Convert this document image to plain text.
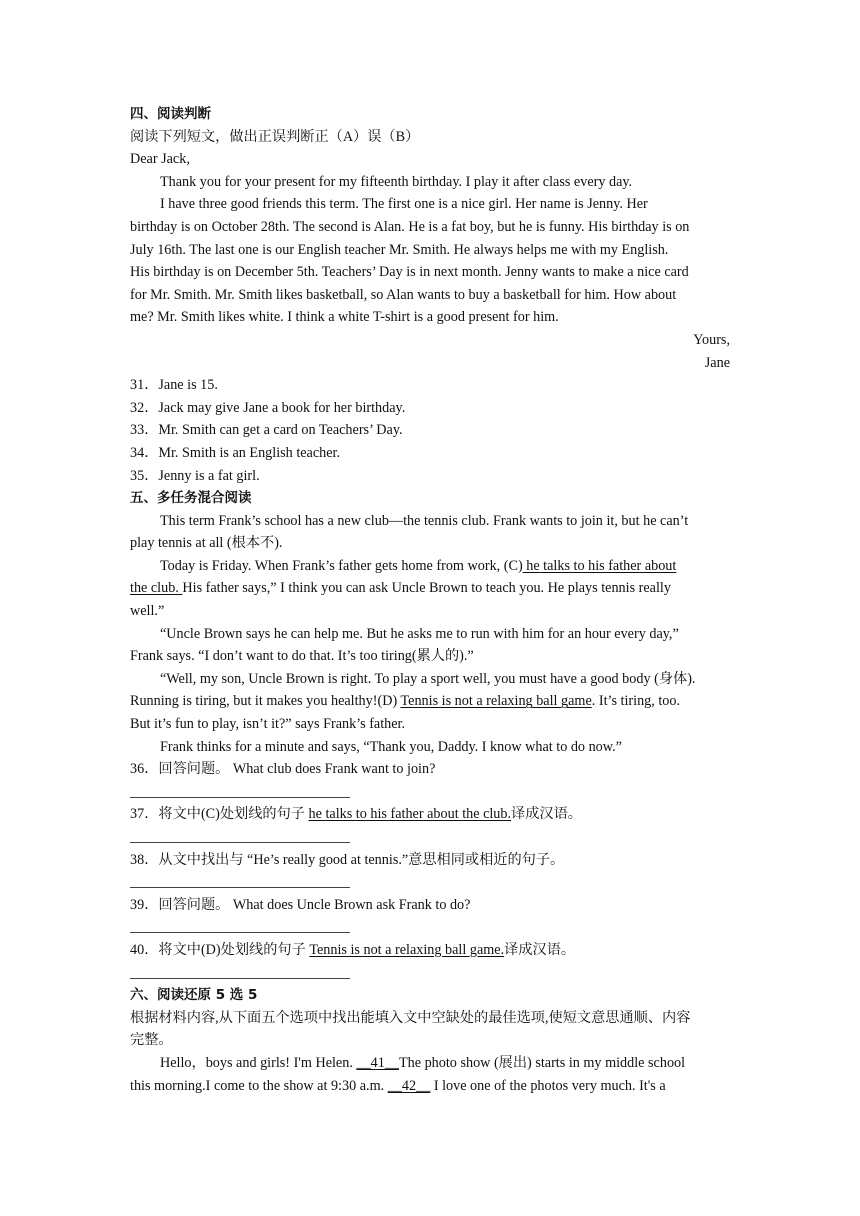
四、阅读判断
阅读下列短文，做出正误判断正（A）误（B）
Dear Jack,
Thank you for your present for my fifteenth birthday. I play it after class every day.
I have three good friends this term. The first one is a nice girl. Her name is Jenny. Her
birthday is on October 28th. The second is Alan. He is a fat boy, but he is funny. His birthday is on
July 16th. The last one is our English teacher Mr. Smith. He always helps me with my English.
His birthday is on December 5th. Teachers’ Day is in next month. Jenny wants to make a nice card
for Mr. Smith. Mr. Smith likes basketball, so Alan wants to buy a basketball for him. How about
me? Mr. Smith likes white. I think a white T-shirt is a good present for him.
Yours,
Jane
31．Jane is 15.
32．Jack may give Jane a book for her birthday.
33．Mr. Smith can get a card on Teachers’ Day.
34．Mr. Smith is an English teacher.
35．Jenny is a fat girl.
五、多任务混合阅读
This term Frank’s school has a new club—the tennis club. Frank wants to join it, but he can’t
play tennis at all (根本不).
Today is Friday. When Frank’s father gets home from work, (C) he talks to his father about
the club. His father says,” I think you can ask Uncle Brown to teach you. He plays tennis really
well.”
“Uncle Brown says he can help me. But he asks me to run with him for an hour every day,”
Frank says. “I don’t want to do that. It’s too tiring(累人的).”
“Well, my son, Uncle Brown is right. To play a sport well, you must have a good body (身体).
Running is tiring, but it makes you healthy!(D) Tennis is not a relaxing ball game. It’s tiring, too.
But it’s fun to play, isn’t it?” says Frank’s father.
Frank thinks for a minute and says, “Thank you, Daddy. I know what to do now.”
36．回答问题。 What club does Frank want to join?
37．将文中(C)处划线的句子 he talks to his father about the club.译成汉语。
38．从文中找出与 “He’s really good at tennis.”意思相同或相近的句子。
39．回答问题。 What does Uncle Brown ask Frank to do?
40．将文中(D)处划线的句子 Tennis is not a relaxing ball game.译成汉语。
六、阅读还原 5 选 5
根据材料内容,从下面五个选项中找出能填入文中空缺处的最佳选项,使短文意思通顺、内容
完整。
Hello，boys and girls! I'm Helen. __41__The photo show (展出) starts in my middle school
this morning.I come to the show at 9:30 a.m. __42__ I love one of the photos very much. It's a
